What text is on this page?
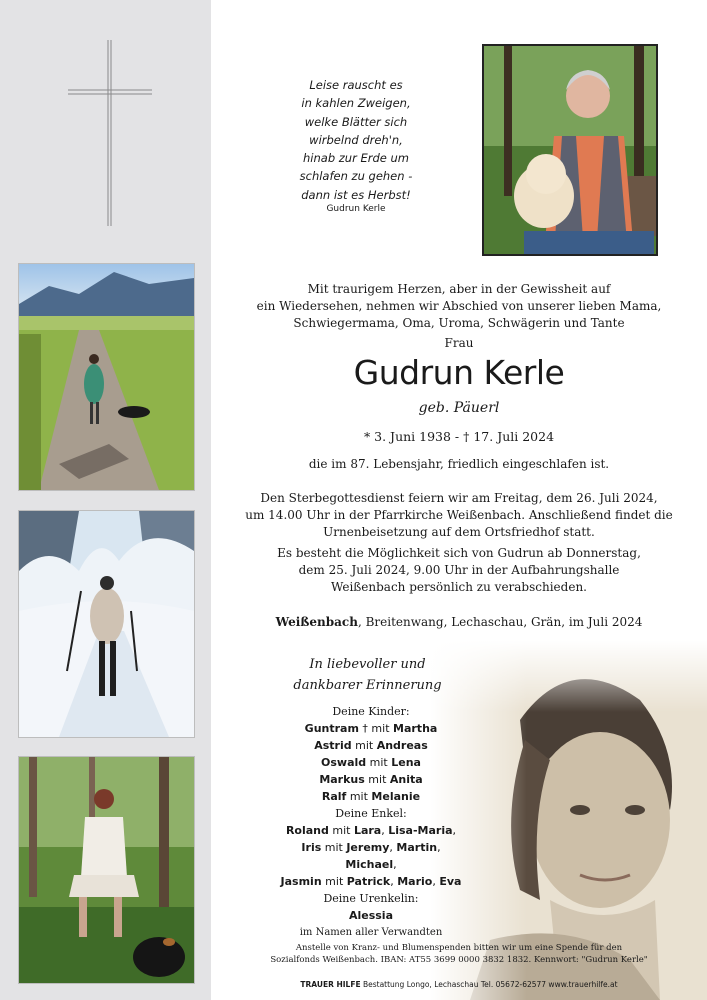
Leise rauscht es
in kahlen Zweigen,
welke Blätter sich
wirbelnd dreh'n,
hinab zur Erde um
schlafen zu gehen -
dann ist es Herbst!
Gudrun Kerle
Mit traurigem Herzen, aber in der Gewissheit auf
ein Wiedersehen, nehmen wir Abschied von unserer lieben Mama,
Schwiegermama, Oma, Uroma, Schwägerin und Tante
Frau
Gudrun Kerle
geb. Päuerl
* 3. Juni 1938 - † 17. Juli 2024
die im 87. Lebensjahr, friedlich eingeschlafen ist.
Den Sterbegottesdienst feiern wir am Freitag, dem 26. Juli 2024,
um 14.00 Uhr in der Pfarrkirche Weißenbach. Anschließend findet die
Urnenbeisetzung auf dem Ortsfriedhof statt.
Es besteht die Möglichkeit sich von Gudrun ab Donnerstag,
dem 25. Juli 2024, 9.00 Uhr in der Aufbahrungshalle
Weißenbach persönlich zu verabschieden.
Weißenbach, Breitenwang, Lechaschau, Grän, im Juli 2024
In liebevoller und
dankbarer Erinnerung
Deine Kinder:
Guntram † mit Martha
Astrid mit Andreas
Oswald mit Lena
Markus mit Anita
Ralf mit Melanie
Deine Enkel:
Roland mit Lara, Lisa-Maria,
Iris mit Jeremy, Martin, Michael,
Jasmin mit Patrick, Mario, Eva
Deine Urenkelin:
Alessia
im Namen aller Verwandten
Anstelle von Kranz- und Blumenspenden bitten wir um eine Spende für den
Sozialfonds Weißenbach. IBAN: AT55 3699 0000 3832 1832. Kennwort: "Gudrun Kerle"
TRAUER HILFE Bestattung Longo, Lechaschau Tel. 05672-62577 www.trauerhilfe.at
